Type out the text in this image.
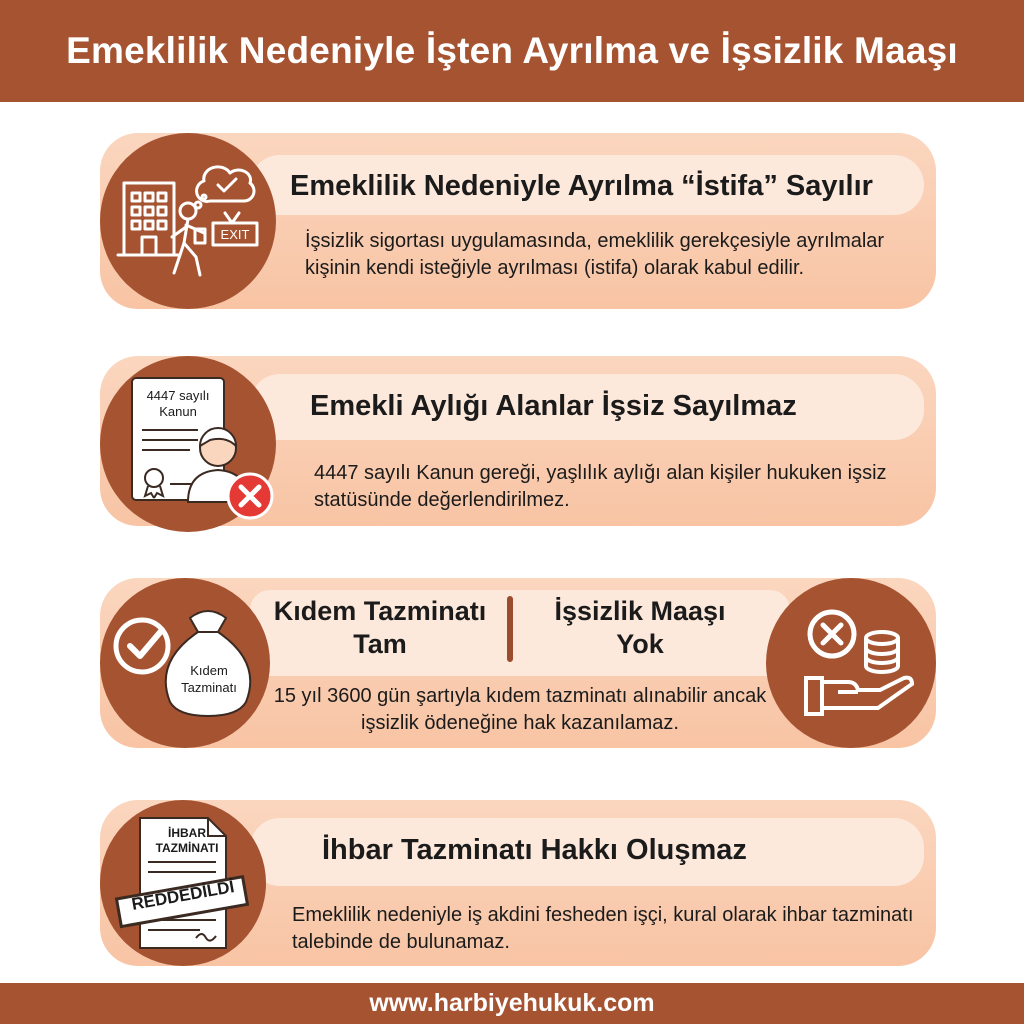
Emeklilik Nedeniyle İşten Ayrılma ve İşsizlik Maaşı
EXIT
Emeklilik Nedeniyle Ayrılma “İstifa” Sayılır
İşsizlik sigortası uygulamasında, emeklilik gerekçesiyle ayrılmalar kişinin kendi isteğiyle ayrılması (istifa) olarak kabul edilir.
4447 sayılı
Kanun	Emekli Aylığı Alanlar İşsiz Sayılmaz
4447 sayılı Kanun gereği, yaşlılık aylığı alan kişiler hukuken işsiz statüsünde değerlendirilmez.
Kıdem Tazminatı
Kıdem Tazminatı Tam
İşsizlik Maaşı Yok
15 yıl 3600 gün şartıyla kıdem tazminatı alınabilir ancak işsizlik ödeneğine hak kazanılamaz.
İHBAR TAZMİNATI
REDDEDİLDİ
İhbar Tazminatı Hakkı Oluşmaz
Emeklilik nedeniyle iş akdini fesheden işçi, kural olarak ihbar tazminatı talebinde de bulunamaz.
www.harbiyehukuk.com
